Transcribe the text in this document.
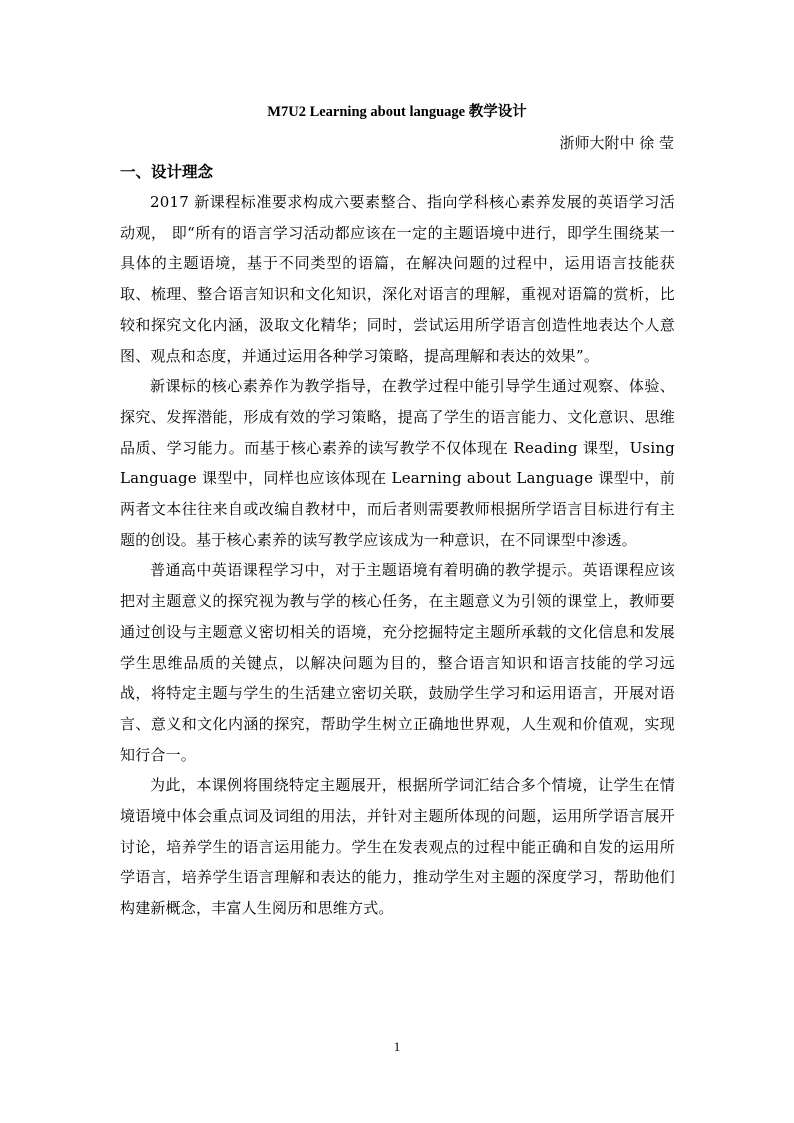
M7U2 Learning about language 教学设计
浙师大附中 徐 莹
一、设计理念

2017 新课程标准要求构成六要素整合、指向学科核心素养发展的英语学习活动观， 即“所有的语言学习活动都应该在一定的主题语境中进行，即学生围绕某一具体的主题语境，基于不同类型的语篇，在解决问题的过程中，运用语言技能获取、梳理、整合语言知识和文化知识，深化对语言的理解，重视对语篇的赏析，比较和探究文化内涵，汲取文化精华；同时，尝试运用所学语言创造性地表达个人意图、观点和态度，并通过运用各种学习策略，提高理解和表达的效果”。

新课标的核心素养作为教学指导，在教学过程中能引导学生通过观察、体验、探究、发挥潜能，形成有效的学习策略，提高了学生的语言能力、文化意识、思维品质、学习能力。而基于核心素养的读写教学不仅体现在 Reading 课型，Using Language 课型中，同样也应该体现在 Learning about Language 课型中，前两者文本往往来自或改编自教材中，而后者则需要教师根据所学语言目标进行有主题的创设。基于核心素养的读写教学应该成为一种意识，在不同课型中渗透。

普通高中英语课程学习中，对于主题语境有着明确的教学提示。英语课程应该把对主题意义的探究视为教与学的核心任务，在主题意义为引领的课堂上，教师要通过创设与主题意义密切相关的语境，充分挖掘特定主题所承载的文化信息和发展学生思维品质的关键点，以解决问题为目的，整合语言知识和语言技能的学习远战，将特定主题与学生的生活建立密切关联，鼓励学生学习和运用语言，开展对语言、意义和文化内涵的探究，帮助学生树立正确地世界观，人生观和价值观，实现知行合一。

为此，本课例将围绕特定主题展开，根据所学词汇结合多个情境，让学生在情境语境中体会重点词及词组的用法，并针对主题所体现的问题，运用所学语言展开讨论，培养学生的语言运用能力。学生在发表观点的过程中能正确和自发的运用所学语言，培养学生语言理解和表达的能力，推动学生对主题的深度学习，帮助他们构建新概念，丰富人生阅历和思维方式。

1
